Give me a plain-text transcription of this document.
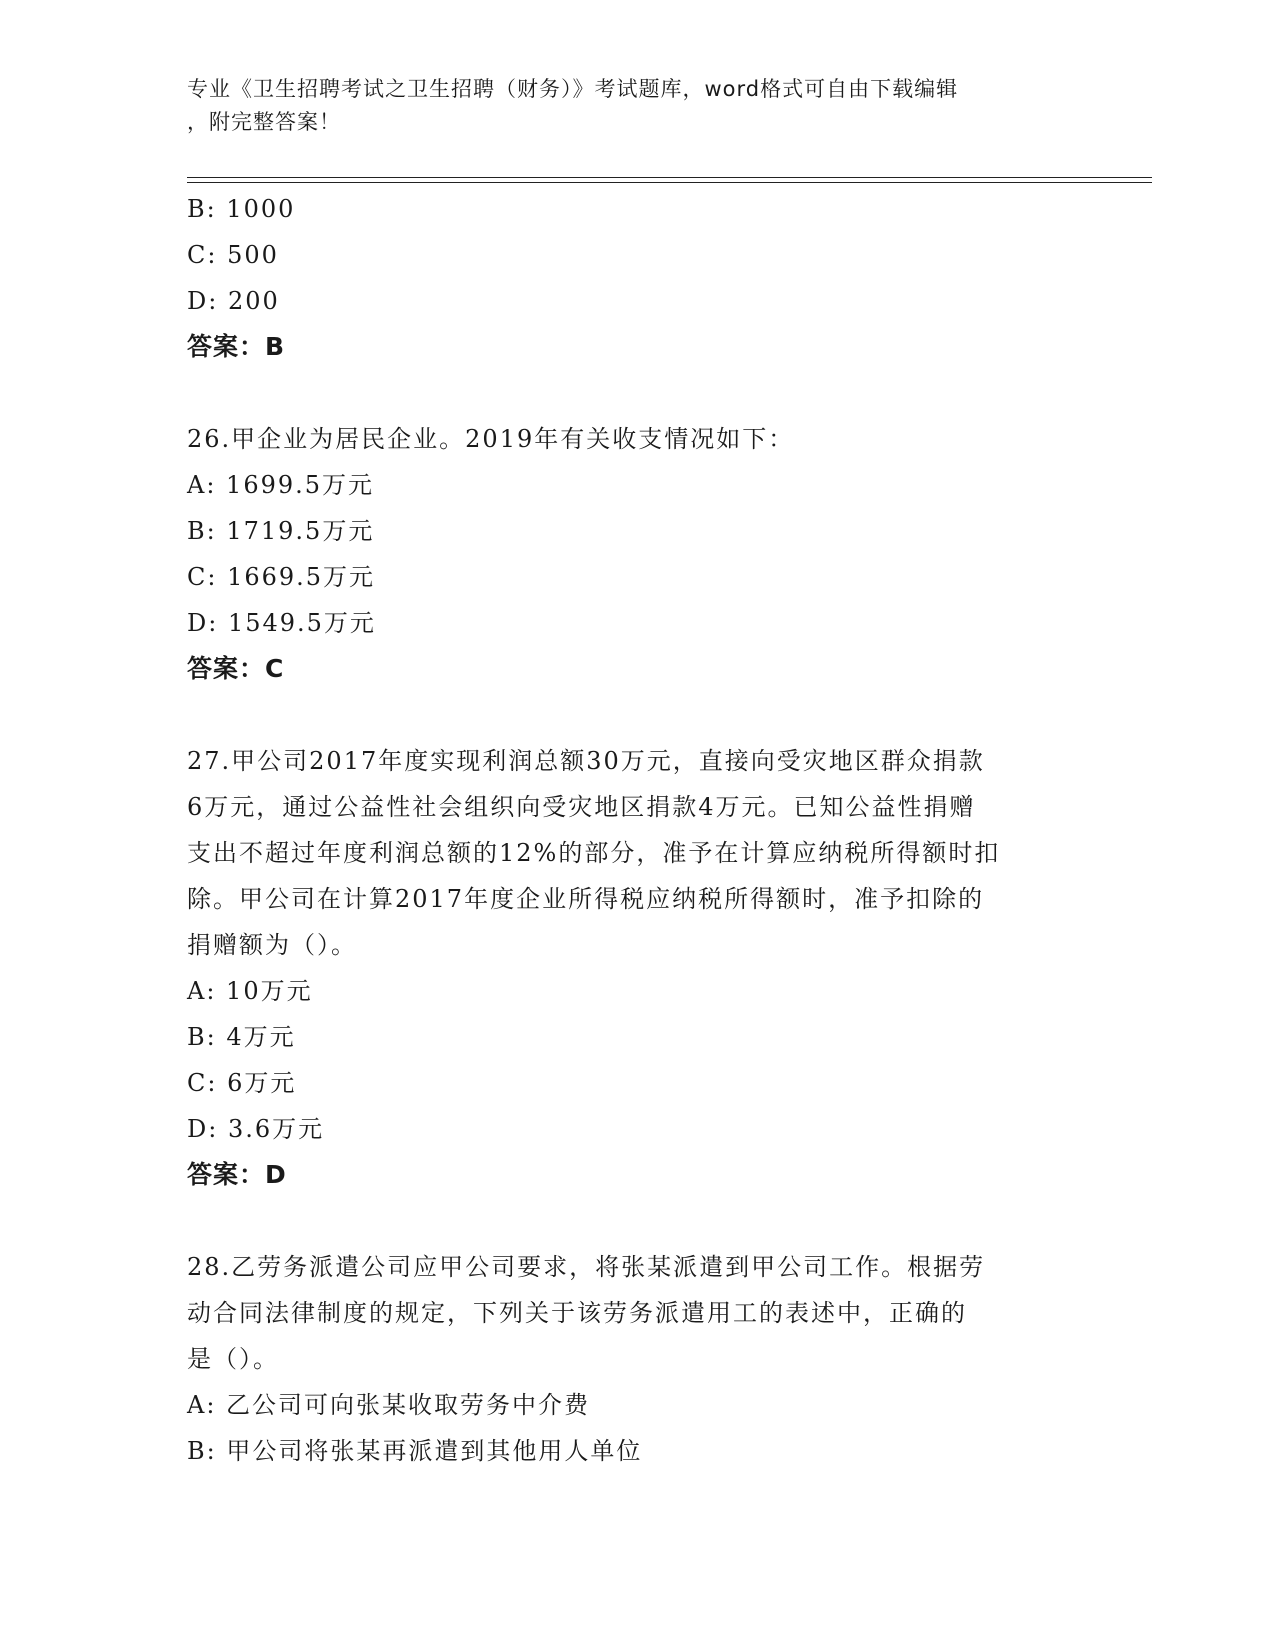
专业《卫生招聘考试之卫生招聘（财务）》考试题库，word格式可自由下载编辑
，附完整答案！
B: 1000
C: 500
D: 200
答案：B
26.甲企业为居民企业。2019年有关收支情况如下：
A: 1699.5万元
B: 1719.5万元
C: 1669.5万元
D: 1549.5万元
答案：C
27.甲公司2017年度实现利润总额30万元，直接向受灾地区群众捐款
6万元，通过公益性社会组织向受灾地区捐款4万元。已知公益性捐赠
支出不超过年度利润总额的12%的部分，准予在计算应纳税所得额时扣
除。甲公司在计算2017年度企业所得税应纳税所得额时，准予扣除的
捐赠额为（）。
A: 10万元
B: 4万元
C: 6万元
D: 3.6万元
答案：D
28.乙劳务派遣公司应甲公司要求，将张某派遣到甲公司工作。根据劳
动合同法律制度的规定，下列关于该劳务派遣用工的表述中，正确的
是（）。
A: 乙公司可向张某收取劳务中介费
B: 甲公司将张某再派遣到其他用人单位
